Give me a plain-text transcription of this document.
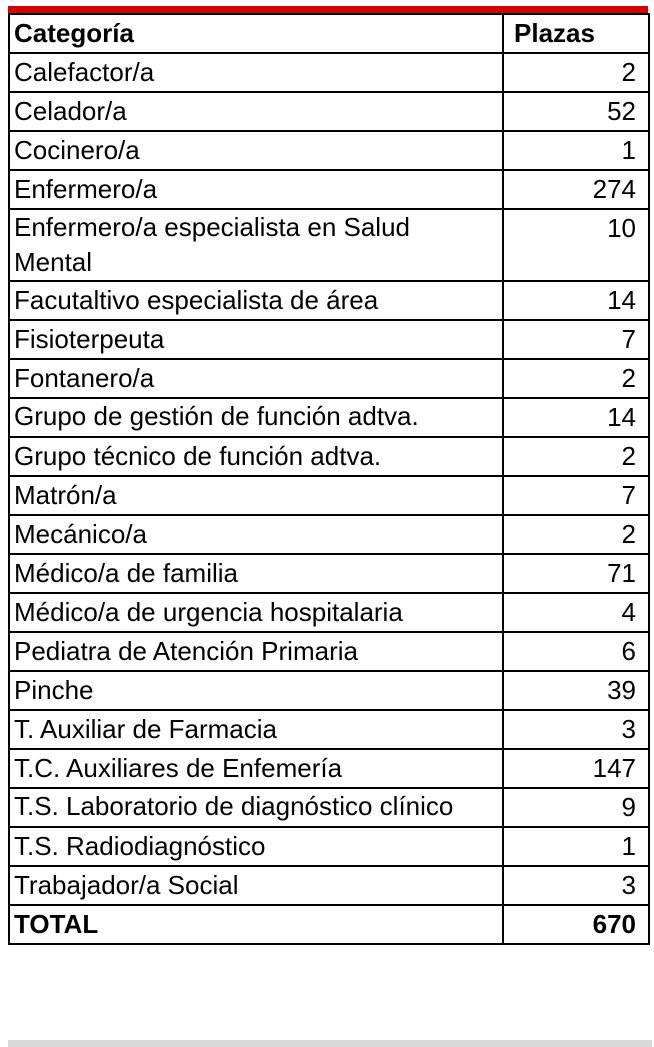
Categoría	Plazas
Calefactor/a	2
Celador/a	52
Cocinero/a	1
Enfermero/a	274
Enfermero/a especialista en Salud Mental	10
Facutaltivo especialista de área	14
Fisioterpeuta	7
Fontanero/a	2
Grupo de gestión de función adtva.	14
Grupo técnico de función adtva.	2
Matrón/a	7
Mecánico/a	2
Médico/a de familia	71
Médico/a de urgencia hospitalaria	4
Pediatra de Atención Primaria	6
Pinche	39
T. Auxiliar de Farmacia	3
T.C. Auxiliares de Enfemería	147
T.S. Laboratorio de diagnóstico clínico	9
T.S. Radiodiagnóstico	1
Trabajador/a Social	3
TOTAL	670
